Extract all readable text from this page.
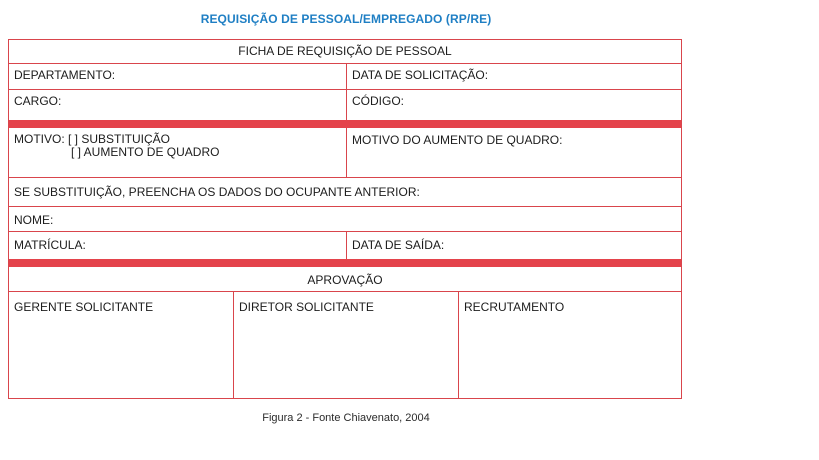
REQUISIÇÃO DE PESSOAL/EMPREGADO (RP/RE)
FICHA DE REQUISIÇÃO DE PESSOAL
DEPARTAMENTO:	DATA DE SOLICITAÇÃO:
CARGO:	CÓDIGO:
MOTIVO: [ ] SUBSTITUIÇÃO
[ ] AUMENTO DE QUADRO
MOTIVO DO AUMENTO DE QUADRO:
SE SUBSTITUIÇÃO, PREENCHA OS DADOS DO OCUPANTE ANTERIOR:
NOME:
MATRÍCULA:	DATA DE SAÍDA:
APROVAÇÃO
GERENTE SOLICITANTE	DIRETOR SOLICITANTE	RECRUTAMENTO
Figura 2 - Fonte Chiavenato, 2004
